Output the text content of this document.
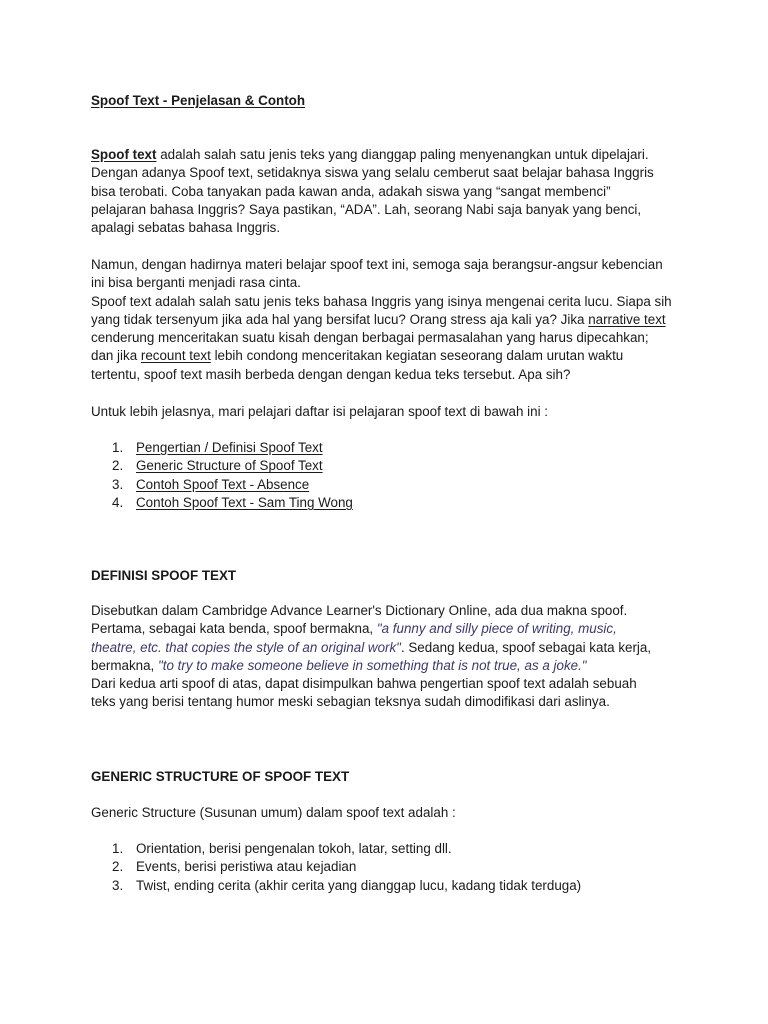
Spoof Text - Penjelasan & Contoh
Spoof text adalah salah satu jenis teks yang dianggap paling menyenangkan untuk dipelajari.
Dengan adanya Spoof text, setidaknya siswa yang selalu cemberut saat belajar bahasa Inggris
bisa terobati. Coba tanyakan pada kawan anda, adakah siswa yang “sangat membenci”
pelajaran bahasa Inggris? Saya pastikan, “ADA”. Lah, seorang Nabi saja banyak yang benci,
apalagi sebatas bahasa Inggris.
Namun, dengan hadirnya materi belajar spoof text ini, semoga saja berangsur-angsur kebencian
ini bisa berganti menjadi rasa cinta.
Spoof text adalah salah satu jenis teks bahasa Inggris yang isinya mengenai cerita lucu. Siapa sih
yang tidak tersenyum jika ada hal yang bersifat lucu? Orang stress aja kali ya? Jika narrative text
cenderung menceritakan suatu kisah dengan berbagai permasalahan yang harus dipecahkan;
dan jika recount text lebih condong menceritakan kegiatan seseorang dalam urutan waktu
tertentu, spoof text masih berbeda dengan dengan kedua teks tersebut. Apa sih?
Untuk lebih jelasnya, mari pelajari daftar isi pelajaran spoof text di bawah ini :
1. Pengertian / Definisi Spoof Text
2. Generic Structure of Spoof Text
3. Contoh Spoof Text - Absence
4. Contoh Spoof Text - Sam Ting Wong
DEFINISI SPOOF TEXT
Disebutkan dalam Cambridge Advance Learner's Dictionary Online, ada dua makna spoof.
Pertama, sebagai kata benda, spoof bermakna, "a funny and silly piece of writing, music,
theatre, etc. that copies the style of an original work". Sedang kedua, spoof sebagai kata kerja,
bermakna, "to try to make someone believe in something that is not true, as a joke."
Dari kedua arti spoof di atas, dapat disimpulkan bahwa pengertian spoof text adalah sebuah
teks yang berisi tentang humor meski sebagian teksnya sudah dimodifikasi dari aslinya.
GENERIC STRUCTURE OF SPOOF TEXT
Generic Structure (Susunan umum) dalam spoof text adalah :
1. Orientation, berisi pengenalan tokoh, latar, setting dll.
2. Events, berisi peristiwa atau kejadian
3. Twist, ending cerita (akhir cerita yang dianggap lucu, kadang tidak terduga)
